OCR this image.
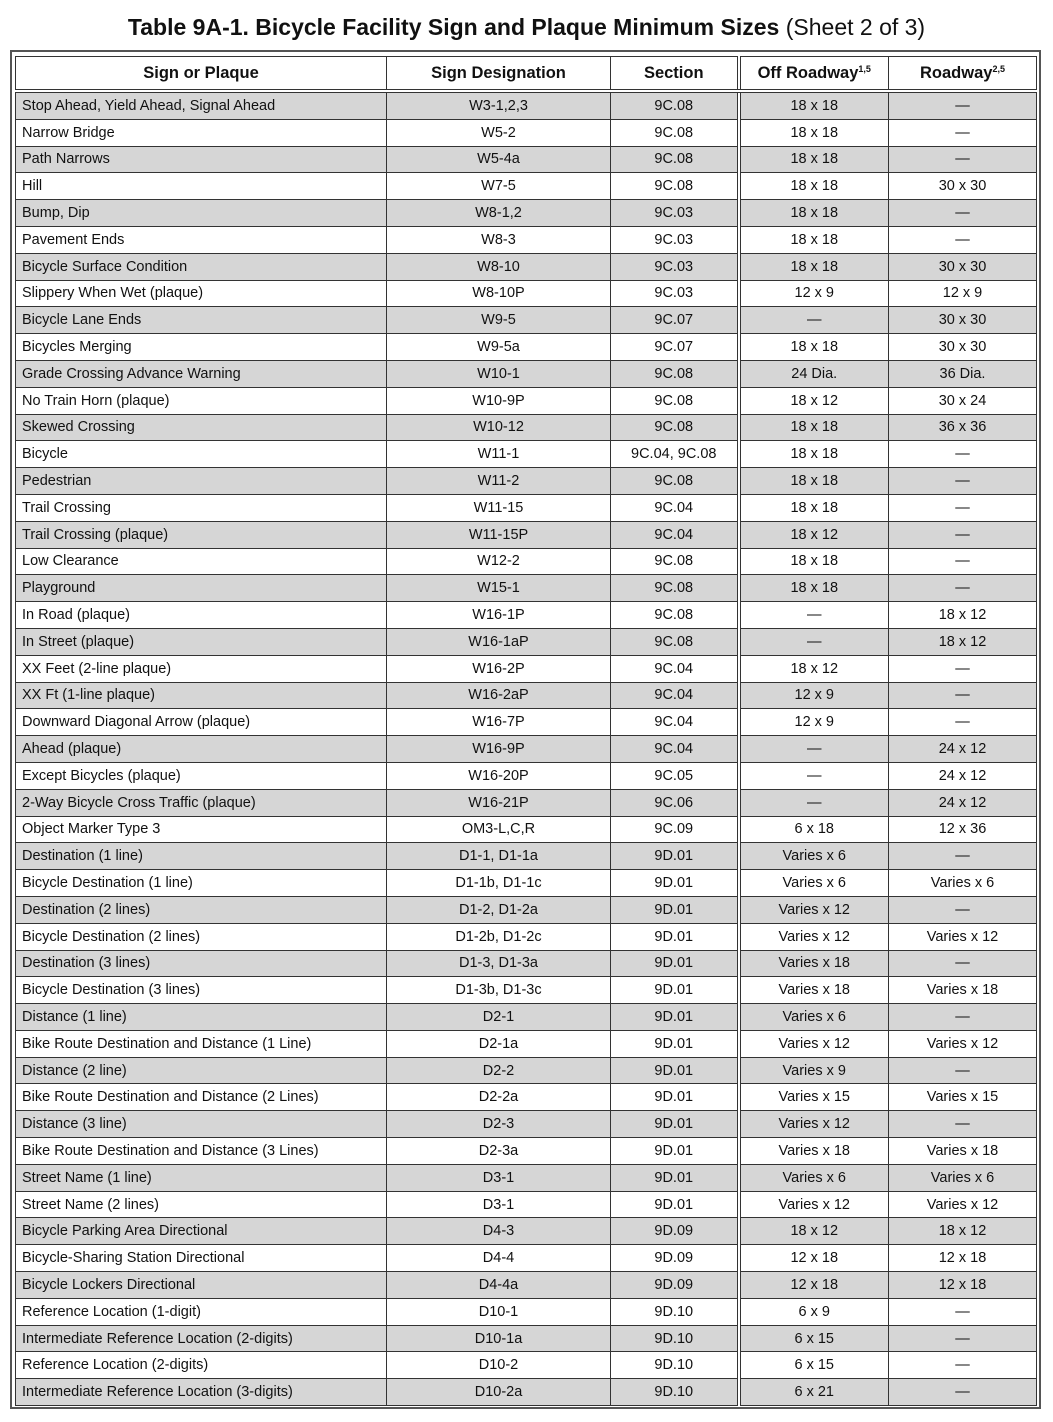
Table 9A-1. Bicycle Facility Sign and Plaque Minimum Sizes (Sheet 2 of 3)
Sign or Plaque	Sign Designation	Section	Off Roadway$^{1,5}$	Roadway$^{2,5}$
Stop Ahead, Yield Ahead, Signal Ahead	W3-1,2,3	9C.08	18 x 18	—
Narrow Bridge	W5-2	9C.08	18 x 18	—
Path Narrows	W5-4a	9C.08	18 x 18	—
Hill	W7-5	9C.08	18 x 18	30 x 30
Bump, Dip	W8-1,2	9C.03	18 x 18	—
Pavement Ends	W8-3	9C.03	18 x 18	—
Bicycle Surface Condition	W8-10	9C.03	18 x 18	30 x 30
Slippery When Wet (plaque)	W8-10P	9C.03	12 x 9	12 x 9
Bicycle Lane Ends	W9-5	9C.07	—	30 x 30
Bicycles Merging	W9-5a	9C.07	18 x 18	30 x 30
Grade Crossing Advance Warning	W10-1	9C.08	24 Dia.	36 Dia.
No Train Horn (plaque)	W10-9P	9C.08	18 x 12	30 x 24
Skewed Crossing	W10-12	9C.08	18 x 18	36 x 36
Bicycle	W11-1	9C.04, 9C.08	18 x 18	—
Pedestrian	W11-2	9C.08	18 x 18	—
Trail Crossing	W11-15	9C.04	18 x 18	—
Trail Crossing (plaque)	W11-15P	9C.04	18 x 12	—
Low Clearance	W12-2	9C.08	18 x 18	—
Playground	W15-1	9C.08	18 x 18	—
In Road (plaque)	W16-1P	9C.08	—	18 x 12
In Street (plaque)	W16-1aP	9C.08	—	18 x 12
XX Feet (2-line plaque)	W16-2P	9C.04	18 x 12	—
XX Ft (1-line plaque)	W16-2aP	9C.04	12 x 9	—
Downward Diagonal Arrow (plaque)	W16-7P	9C.04	12 x 9	—
Ahead (plaque)	W16-9P	9C.04	—	24 x 12
Except Bicycles (plaque)	W16-20P	9C.05	—	24 x 12
2-Way Bicycle Cross Traffic (plaque)	W16-21P	9C.06	—	24 x 12
Object Marker Type 3	OM3-L,C,R	9C.09	6 x 18	12 x 36
Destination (1 line)	D1-1, D1-1a	9D.01	Varies x 6	—
Bicycle Destination (1 line)	D1-1b, D1-1c	9D.01	Varies x 6	Varies x 6
Destination (2 lines)	D1-2, D1-2a	9D.01	Varies x 12	—
Bicycle Destination (2 lines)	D1-2b, D1-2c	9D.01	Varies x 12	Varies x 12
Destination (3 lines)	D1-3, D1-3a	9D.01	Varies x 18	—
Bicycle Destination (3 lines)	D1-3b, D1-3c	9D.01	Varies x 18	Varies x 18
Distance (1 line)	D2-1	9D.01	Varies x 6	—
Bike Route Destination and Distance (1 Line)	D2-1a	9D.01	Varies x 12	Varies x 12
Distance (2 line)	D2-2	9D.01	Varies x 9	—
Bike Route Destination and Distance (2 Lines)	D2-2a	9D.01	Varies x 15	Varies x 15
Distance (3 line)	D2-3	9D.01	Varies x 12	—
Bike Route Destination and Distance (3 Lines)	D2-3a	9D.01	Varies x 18	Varies x 18
Street Name (1 line)	D3-1	9D.01	Varies x 6	Varies x 6
Street Name (2 lines)	D3-1	9D.01	Varies x 12	Varies x 12
Bicycle Parking Area Directional	D4-3	9D.09	18 x 12	18 x 12
Bicycle-Sharing Station Directional	D4-4	9D.09	12 x 18	12 x 18
Bicycle Lockers Directional	D4-4a	9D.09	12 x 18	12 x 18
Reference Location (1-digit)	D10-1	9D.10	6 x 9	—
Intermediate Reference Location (2-digits)	D10-1a	9D.10	6 x 15	—
Reference Location (2-digits)	D10-2	9D.10	6 x 15	—
Intermediate Reference Location (3-digits)	D10-2a	9D.10	6 x 21	—
